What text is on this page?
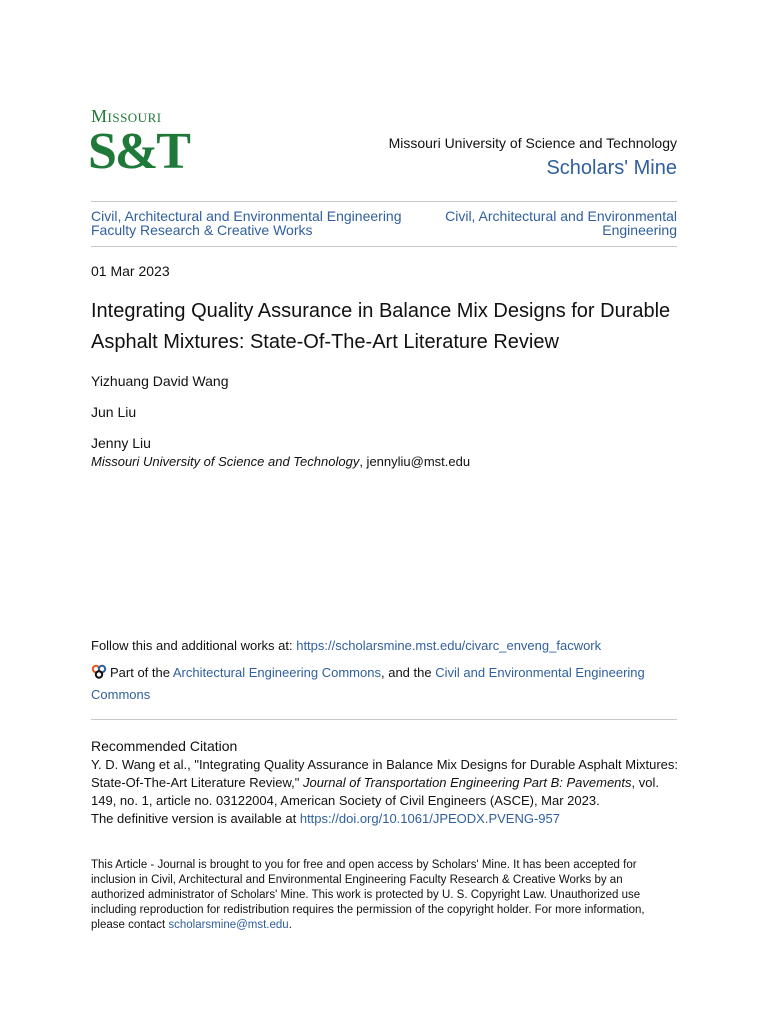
Missouri
S&T	Missouri University of Science and Technology
Scholars' Mine
Civil, Architectural and Environmental Engineering Faculty Research & Creative Works
Civil, Architectural and Environmental Engineering
01 Mar 2023
Integrating Quality Assurance in Balance Mix Designs for Durable Asphalt Mixtures: State-Of-The-Art Literature Review
Yizhuang David Wang
Jun Liu
Jenny Liu
Missouri University of Science and Technology, jennyliu@mst.edu
Follow this and additional works at: https://scholarsmine.mst.edu/civarc_enveng_facwork
Part of the Architectural Engineering Commons, and the Civil and Environmental Engineering Commons
Recommended Citation
Y. D. Wang et al., "Integrating Quality Assurance in Balance Mix Designs for Durable Asphalt Mixtures: State-Of-The-Art Literature Review," Journal of Transportation Engineering Part B: Pavements, vol. 149, no. 1, article no. 03122004, American Society of Civil Engineers (ASCE), Mar 2023.
The definitive version is available at https://doi.org/10.1061/JPEODX.PVENG-957
This Article - Journal is brought to you for free and open access by Scholars' Mine. It has been accepted for inclusion in Civil, Architectural and Environmental Engineering Faculty Research & Creative Works by an authorized administrator of Scholars' Mine. This work is protected by U. S. Copyright Law. Unauthorized use including reproduction for redistribution requires the permission of the copyright holder. For more information, please contact scholarsmine@mst.edu.
